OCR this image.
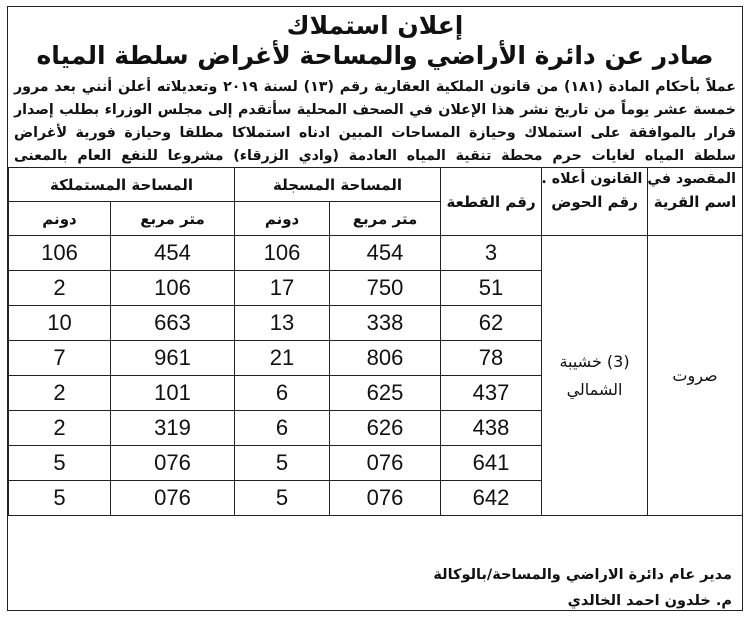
إعلان استملاك
صادر عن دائرة الأراضي والمساحة لأغراض سلطة المياه
عملاً بأحكام المادة (١٨١) من قانون الملكية العقارية رقم (١٣) لسنة ٢٠١٩ وتعديلاته أعلن أنني بعد مرور خمسة عشر يوماً من تاريخ نشر هذا الإعلان في الصحف المحلية سأتقدم إلى مجلس الوزراء بطلب إصدار قرار بالموافقة على استملاك وحيازة المساحات المبين ادناه استملاكا مطلقا وحيازة فورية لأغراض سلطة المياه لغايات حرم محطة تنقية المياه العادمة (وادي الزرقاء) مشروعا للنفع العام بالمعنى المقصود في القانون أعلاه .
اسم القرية	رقم الحوض	رقم القطعة	المساحة المسجلة		المساحة المستملكة	
			متر مربع	دونم	متر مربع	دونم
صروت	(3) خشيبة الشمالي	3	454	106	454	106
		51	750	17	106	2
		62	338	13	663	10
		78	806	21	961	7
		437	625	6	101	2
		438	626	6	319	2
		641	076	5	076	5
		642	076	5	076	5
مدير عام دائرة الاراضي والمساحة/بالوكالة
م. خلدون احمد الخالدي
